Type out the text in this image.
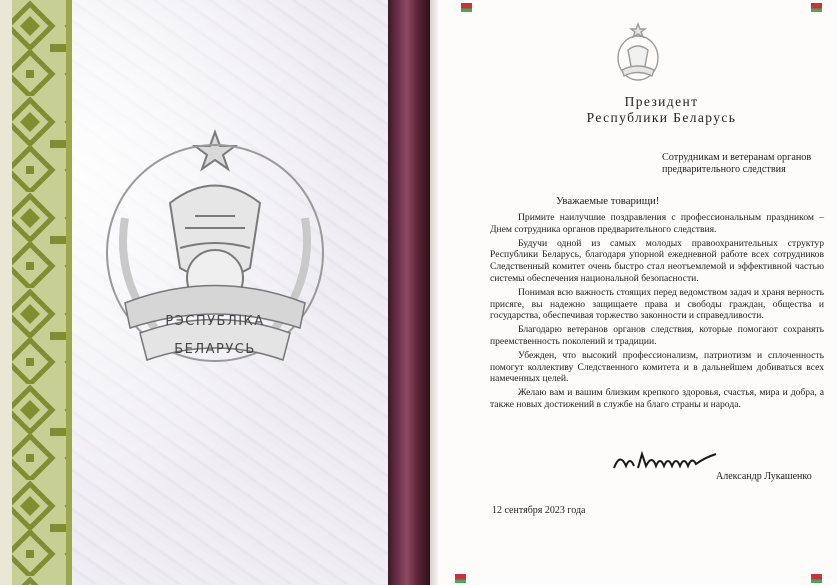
РЭСПУБЛІКА
БЕЛАРУСЬ
Президент
Республики Беларусь
Сотрудникам и ветеранам органов предварительного следствия
Уважаемые товарищи!

Примите наилучшие поздравления с профессиональным праздником – Днем сотрудника органов предварительного следствия.

Будучи одной из самых молодых правоохранительных структур Республики Беларусь, благодаря упорной ежедневной работе всех сотрудников Следственный комитет очень быстро стал неотъемлемой и эффективной частью системы обеспечения национальной безопасности.

Понимая всю важность стоящих перед ведомством задач и храня верность присяге, вы надежно защищаете права и свободы граждан, общества и государства, обеспечивая торжество законности и справедливости.

Благодарю ветеранов органов следствия, которые помогают сохранять преемственность поколений и традиции.

Убежден, что высокий профессионализм, патриотизм и сплоченность помогут коллективу Следственного комитета и в дальнейшем добиваться всех намеченных целей.

Желаю вам и вашим близким крепкого здоровья, счастья, мира и добра, а также новых достижений в службе на благо страны и народа.

Александр Лукашенко
12 сентября 2023 года
